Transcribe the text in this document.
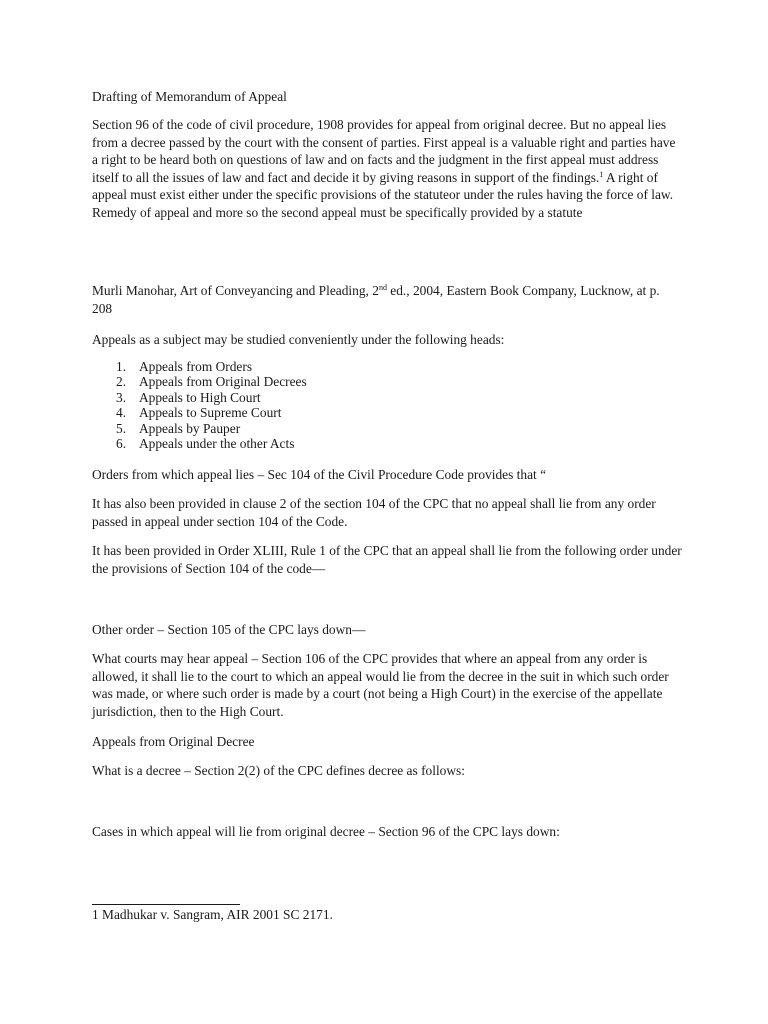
Drafting of Memorandum of Appeal

Section 96 of the code of civil procedure, 1908 provides for appeal from original decree. But no appeal lies from a decree passed by the court with the consent of parties. First appeal is a valuable right and parties have a right to be heard both on questions of law and on facts and the judgment in the first appeal must address itself to all the issues of law and fact and decide it by giving reasons in support of the findings.$^1$ A right of appeal must exist either under the specific provisions of the statuteor under the rules having the force of law. Remedy of appeal and more so the second appeal must be specifically provided by a statute

Murli Manohar, Art of Conveyancing and Pleading, 2nd ed., 2004, Eastern Book Company, Lucknow, at p. 208

Appeals as a subject may be studied conveniently under the following heads:

1. Appeals from Orders
2. Appeals from Original Decrees
3. Appeals to High Court
4. Appeals to Supreme Court
5. Appeals by Pauper
6. Appeals under the other Acts

Orders from which appeal lies – Sec 104 of the Civil Procedure Code provides that “

It has also been provided in clause 2 of the section 104 of the CPC that no appeal shall lie from any order passed in appeal under section 104 of the Code.

It has been provided in Order XLIII, Rule 1 of the CPC that an appeal shall lie from the following order under the provisions of Section 104 of the code—

Other order – Section 105 of the CPC lays down—

What courts may hear appeal – Section 106 of the CPC provides that where an appeal from any order is allowed, it shall lie to the court to which an appeal would lie from the decree in the suit in which such order was made, or where such order is made by a court (not being a High Court) in the exercise of the appellate jurisdiction, then to the High Court.

Appeals from Original Decree

What is a decree – Section 2(2) of the CPC defines decree as follows:

Cases in which appeal will lie from original decree – Section 96 of the CPC lays down:

1 Madhukar v. Sangram, AIR 2001 SC 2171.
